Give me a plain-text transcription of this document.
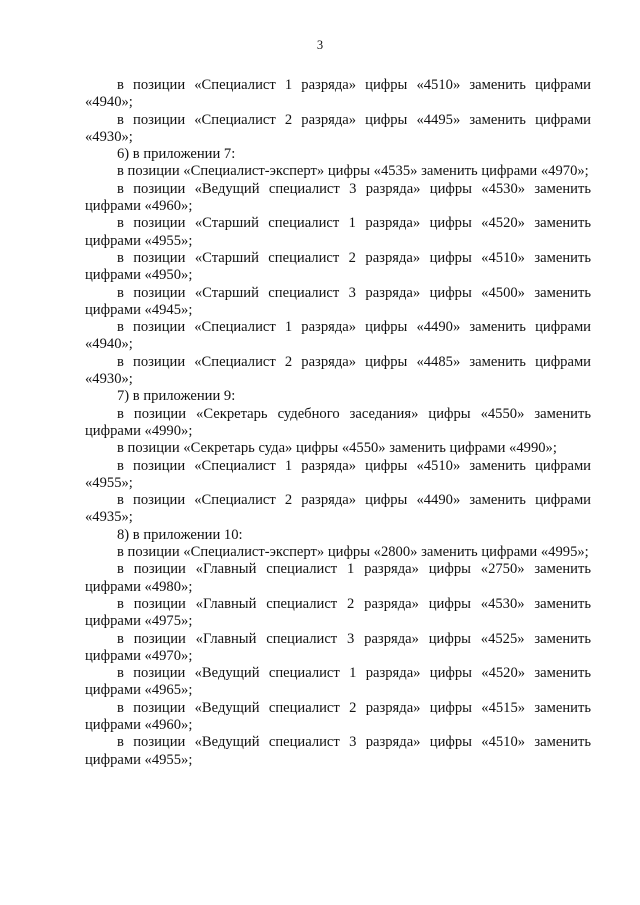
3

в позиции «Специалист 1 разряда» цифры «4510» заменить цифрами «4940»;

в позиции «Специалист 2 разряда» цифры «4495» заменить цифрами «4930»;

6) в приложении 7:

в позиции «Специалист-эксперт» цифры «4535» заменить цифрами «4970»;

в позиции «Ведущий специалист 3 разряда» цифры «4530» заменить цифрами «4960»;

в позиции «Старший специалист 1 разряда» цифры «4520» заменить цифрами «4955»;

в позиции «Старший специалист 2 разряда» цифры «4510» заменить цифрами «4950»;

в позиции «Старший специалист 3 разряда» цифры «4500» заменить цифрами «4945»;

в позиции «Специалист 1 разряда» цифры «4490» заменить цифрами «4940»;

в позиции «Специалист 2 разряда» цифры «4485» заменить цифрами «4930»;

7) в приложении 9:

в позиции «Секретарь судебного заседания» цифры «4550» заменить цифрами «4990»;

в позиции «Секретарь суда» цифры «4550» заменить цифрами «4990»;

в позиции «Специалист 1 разряда» цифры «4510» заменить цифрами «4955»;

в позиции «Специалист 2 разряда» цифры «4490» заменить цифрами «4935»;

8) в приложении 10:

в позиции «Специалист-эксперт» цифры «2800» заменить цифрами «4995»;

в позиции «Главный специалист 1 разряда» цифры «2750» заменить цифрами «4980»;

в позиции «Главный специалист 2 разряда» цифры «4530» заменить цифрами «4975»;

в позиции «Главный специалист 3 разряда» цифры «4525» заменить цифрами «4970»;

в позиции «Ведущий специалист 1 разряда» цифры «4520» заменить цифрами «4965»;

в позиции «Ведущий специалист 2 разряда» цифры «4515» заменить цифрами «4960»;

в позиции «Ведущий специалист 3 разряда» цифры «4510» заменить цифрами «4955»;
